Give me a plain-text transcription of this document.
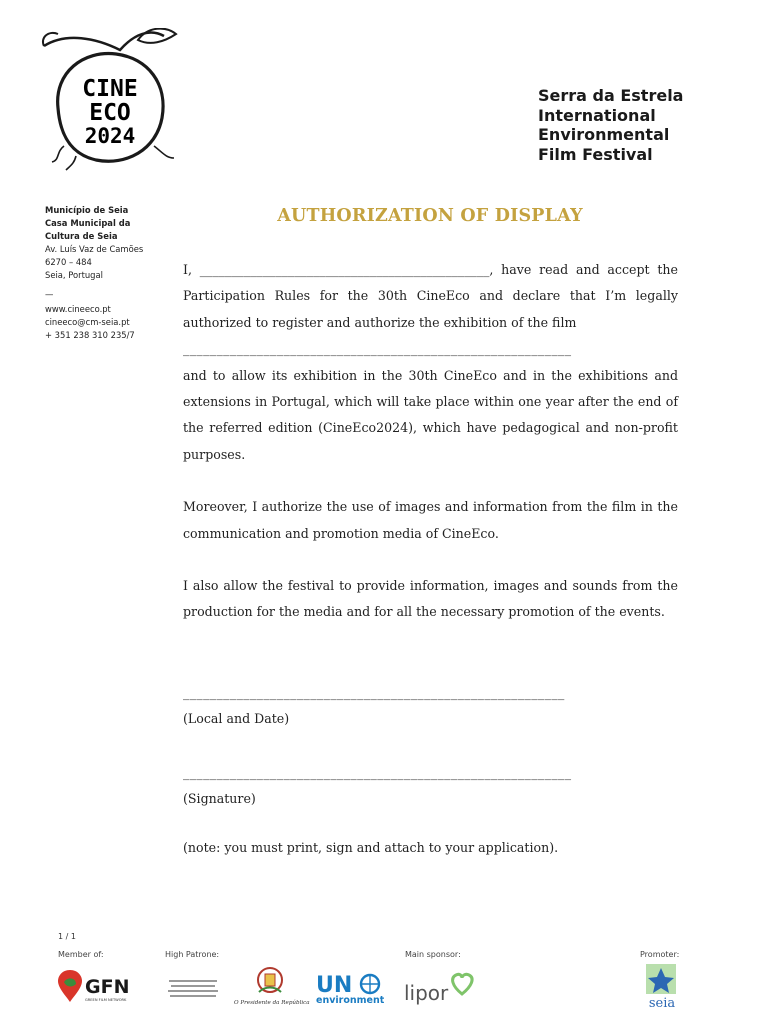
CINE
ECO
2024
Serra da Estrela
International
Environmental
Film Festival
Município de Seia
Casa Municipal da
Cultura de Seia
Av. Luís Vaz de Camões
6270 – 484
Seia, Portugal
—
www.cineeco.pt
cineeco@cm-seia.pt
+ 351 238 310 235/7
AUTHORIZATION OF DISPLAY

I, ______________________________________________, have read and accept the Participation Rules for the 30th CineEco and declare that I’m legally authorized to register and authorize the exhibition of the film

__________________________________________________________

and to allow its exhibition in the 30th CineEco and in the exhibitions and extensions in Portugal, which will take place within one year after the end of the referred edition (CineEco2024), which have pedagogical and non-profit purposes.

Moreover, I authorize the use of images and information from the film in the communication and promotion media of CineEco.

I also allow the festival to provide information, images and sounds from the production for the media and for all the necessary promotion of the events.

_________________________________________________________
(Local and Date)
__________________________________________________________
(Signature)
(note: you must print, sign and attach to your application).
1 / 1
Member of:	High Patrone:	Main sponsor:	Promoter:
GFN
GREEN FILM NETWORK	O Presidente da República
UN
environment lipor	seia
